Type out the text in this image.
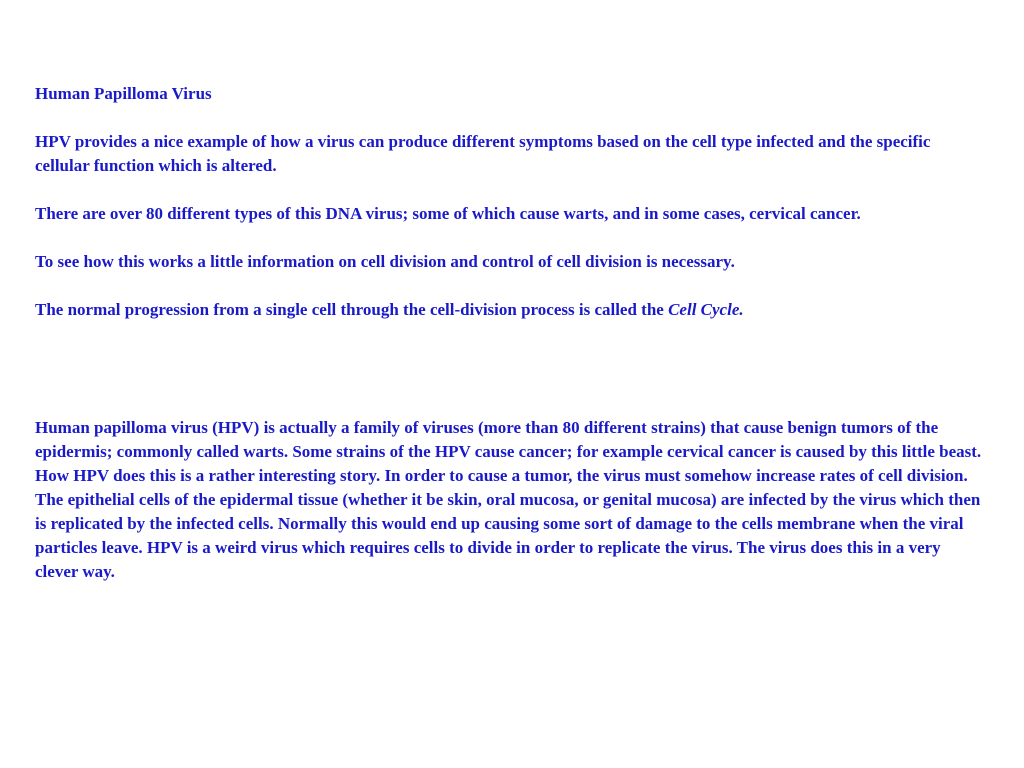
Human Papilloma Virus

HPV provides a nice example of how a virus can produce different symptoms based on the cell type infected and the specific cellular function which is altered.

There are over 80 different types of this DNA virus; some of which cause warts, and in some cases, cervical cancer.

To see how this works a little information on cell division and control of cell division is necessary.

The normal progression from a single cell through the cell-division process is called the Cell Cycle.

Human papilloma virus (HPV) is actually a family of viruses (more than 80 different strains) that cause benign tumors of the epidermis; commonly called warts. Some strains of the HPV cause cancer; for example cervical cancer is caused by this little beast. How HPV does this is a rather interesting story. In order to cause a tumor, the virus must somehow increase rates of cell division. The epithelial cells of the epidermal tissue (whether it be skin, oral mucosa, or genital mucosa) are infected by the virus which then is replicated by the infected cells. Normally this would end up causing some sort of damage to the cells membrane when the viral particles leave. HPV is a weird virus which requires cells to divide in order to replicate the virus. The virus does this in a very clever way.
